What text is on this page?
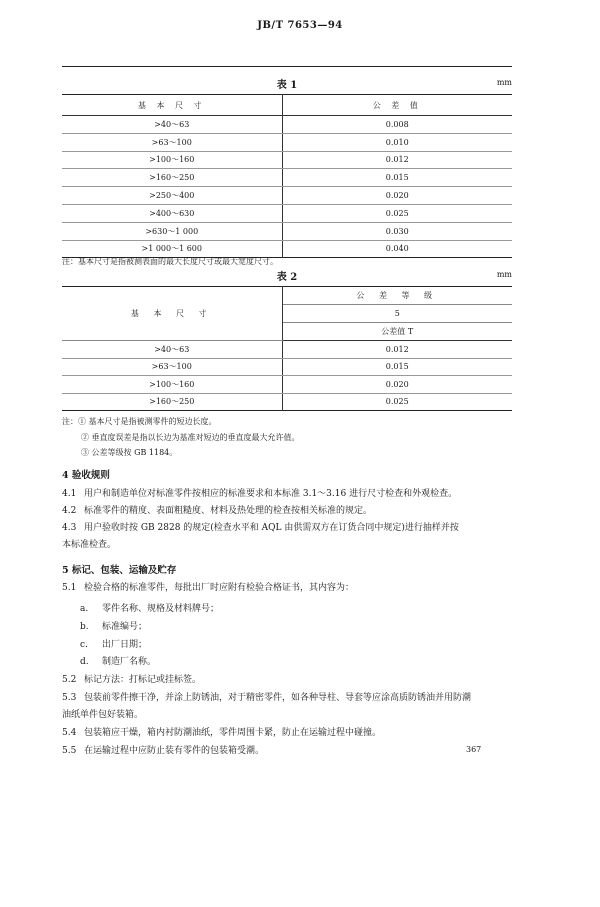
JB/T 7653—94
表 1	mm
基 本 尺 寸	公 差 值
>40～63	0.008
>63～100	0.010
>100～160	0.012
>160～250	0.015
>250～400	0.020
>400～630	0.025
>630～1 000	0.030
>1 000～1 600	0.040
注：基本尺寸是指被测表面的最大长度尺寸或最大宽度尺寸。
表 2	mm
基 本 尺 寸	公 差 等 级
	5
	公差值 T
>40～63	0.012
>63～100	0.015
>100～160	0.020
>160～250	0.025
注：① 基本尺寸是指被测零件的短边长度。
② 垂直度误差是指以长边为基准对短边的垂直度最大允许值。
③ 公差等级按 GB 1184。
4 验收规则
4.1 用户和制造单位对标准零件按相应的标准要求和本标准 3.1～3.16 进行尺寸检查和外观检查。
4.2 标准零件的精度、表面粗糙度、材料及热处理的检查按相关标准的规定。
4.3 用户验收时按 GB 2828 的规定(检查水平和 AQL 由供需双方在订货合同中规定)进行抽样并按
本标准检查。
5 标记、包装、运输及贮存
5.1 检验合格的标准零件，每批出厂时应附有检验合格证书，其内容为：
a. 零件名称、规格及材料牌号；
b. 标准编号；
c. 出厂日期；
d. 制造厂名称。
5.2 标记方法：打标记或挂标签。
5.3 包装前零件擦干净，并涂上防锈油，对于精密零件，如各种导柱、导套等应涂高质防锈油并用防潮
油纸单件包好装箱。
5.4 包装箱应干燥，箱内衬防潮油纸，零件周围卡紧，防止在运输过程中碰撞。
5.5 在运输过程中应防止装有零件的包装箱受潮。	367
